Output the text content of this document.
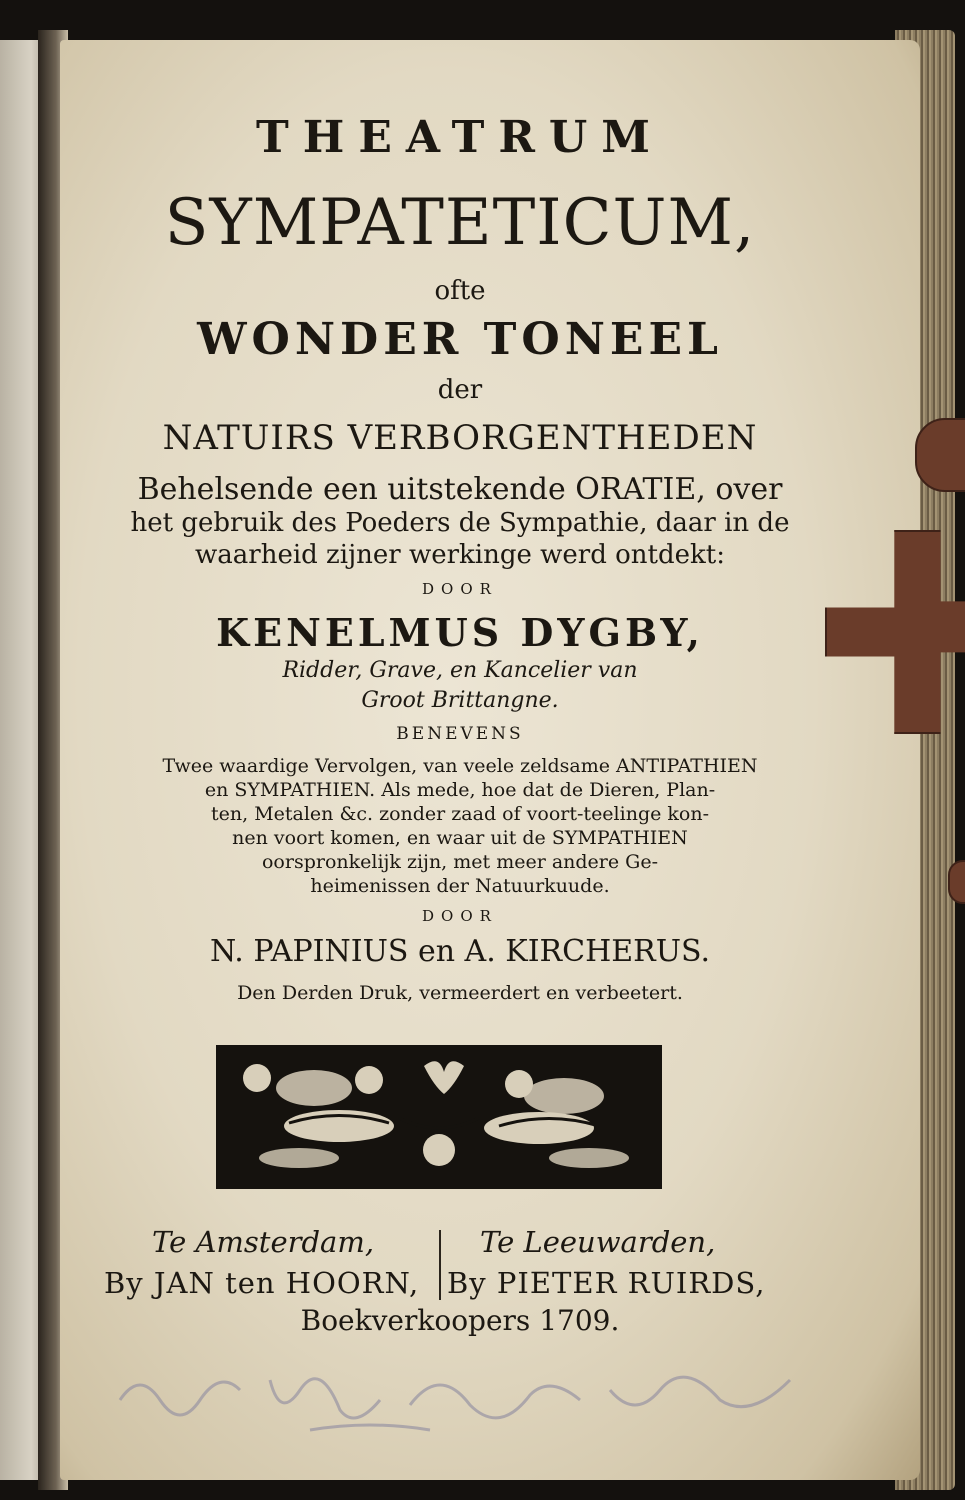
THEATRUM
SYMPATETICUM,
ofte
WONDER TONEEL
der
NATUIRS VERBORGENTHEDEN
Behelsende een uitstekende ORATIE, over
het gebruik des Poeders de Sympathie, daar in de
waarheid zijner werkinge werd ontdekt:
DOOR
KENELMUS DYGBY,
Ridder, Grave, en Kancelier van
Groot Brittangne.
BENEVENS
Twee waardige Vervolgen, van veele zeldsame ANTIPATHIEN
en SYMPATHIEN. Als mede, hoe dat de Dieren, Plan-
ten, Metalen &c. zonder zaad of voort-teelinge kon-
nen voort komen, en waar uit de SYMPATHIEN
oorspronkelijk zijn, met meer andere Ge-
heimenissen der Natuurkuude.
DOOR
N. PAPINIUS en A. KIRCHERUS.
Den Derden Druk, vermeerdert en verbeetert.
Te Amsterdam,	Te Leeuwarden,
By JAN ten HOORN, By PIETER RUIRDS,
Boekverkoopers 1709.
